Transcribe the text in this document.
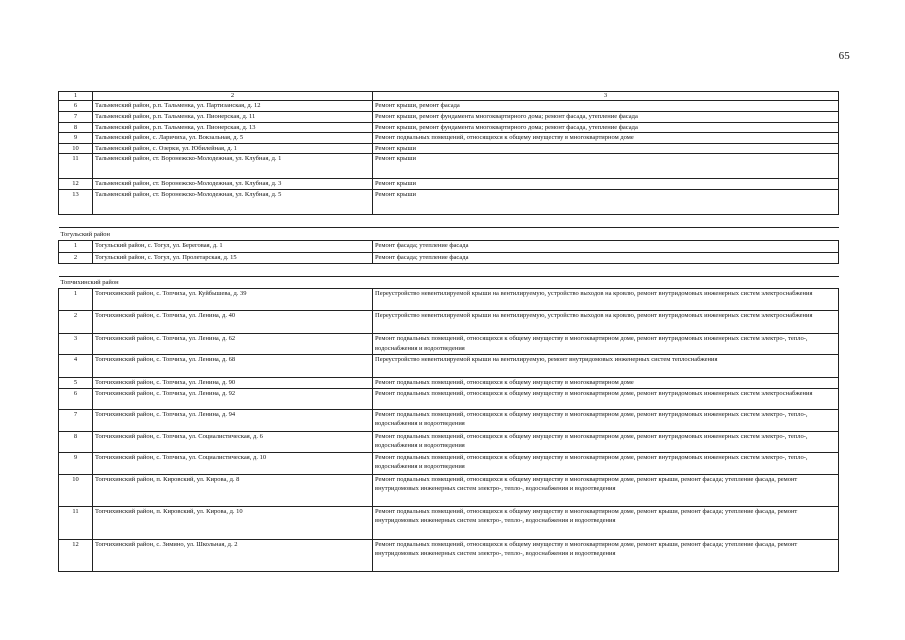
65
1	2	3
6	Тальменский район, р.п. Тальменка, ул. Партизанская, д. 12	Ремонт крыши, ремонт фасада
7	Тальменский район, р.п. Тальменка, ул. Пионерская, д. 11	Ремонт крыши, ремонт фундамента многоквартирного дома; ремонт фасада, утепление фасада
8	Тальменский район, р.п. Тальменка, ул. Пионерская, д. 13	Ремонт крыши, ремонт фундамента многоквартирного дома; ремонт фасада, утепление фасада
9	Тальменский район, с. Ларичиха, ул. Вокзальная, д. 5	Ремонт подвальных помещений, относящихся к общему имуществу в многоквартирном доме
10	Тальменский район, с. Озерки, ул. Юбилейная, д. 1	Ремонт крыши
11	Тальменский район, ст. Воронежско-Молодежная, ул. Клубная, д. 1	Ремонт крыши
12	Тальменский район, ст. Воронежско-Молодежная, ул. Клубная, д. 3	Ремонт крыши
13	Тальменский район, ст. Воронежско-Молодежная, ул. Клубная, д. 5	Ремонт крыши

Тогульский район		
1	Тогульский район, с. Тогул, ул. Береговая, д. 1	Ремонт фасада; утепление фасада
2	Тогульский район, с. Тогул, ул. Пролетарская, д. 15	Ремонт фасада; утепление фасада

Топчихинский район		
1	Топчихинский район, с. Топчиха, ул. Куйбышева, д. 39	Переустройство невентилируемой крыши на вентилируемую, устройство выходов на кровлю, ремонт внутридомовых инженерных систем электроснабжения
2	Топчихинский район, с. Топчиха, ул. Ленина, д. 40	Переустройство невентилируемой крыши на вентилируемую, устройство выходов на кровлю, ремонт внутридомовых инженерных систем электроснабжения
3	Топчихинский район, с. Топчиха, ул. Ленина, д. 62	Ремонт подвальных помещений, относящихся к общему имуществу в многоквартирном доме, ремонт внутридомовых инженерных систем электро-, тепло-, водоснабжения и водоотведения
4	Топчихинский район, с. Топчиха, ул. Ленина, д. 68	Переустройство невентилируемой крыши на вентилируемую, ремонт внутридомовых инженерных систем теплоснабжения
5	Топчихинский район, с. Топчиха, ул. Ленина, д. 90	Ремонт подвальных помещений, относящихся к общему имуществу в многоквартирном доме
6	Топчихинский район, с. Топчиха, ул. Ленина, д. 92	Ремонт подвальных помещений, относящихся к общему имуществу в многоквартирном доме, ремонт внутридомовых инженерных систем электроснабжения
7	Топчихинский район, с. Топчиха, ул. Ленина, д. 94	Ремонт подвальных помещений, относящихся к общему имуществу в многоквартирном доме, ремонт внутридомовых инженерных систем электро-, тепло-, водоснабжения и водоотведения
8	Топчихинский район, с. Топчиха, ул. Социалистическая, д. 6	Ремонт подвальных помещений, относящихся к общему имуществу в многоквартирном доме, ремонт внутридомовых инженерных систем электро-, тепло-, водоснабжения и водоотведения
9	Топчихинский район, с. Топчиха, ул. Социалистическая, д. 10	Ремонт подвальных помещений, относящихся к общему имуществу в многоквартирном доме, ремонт внутридомовых инженерных систем электро-, тепло-, водоснабжения и водоотведения
10	Топчихинский район, п. Кировский, ул. Кирова, д. 8	Ремонт подвальных помещений, относящихся к общему имуществу в многоквартирном доме, ремонт крыши, ремонт фасада; утепление фасада, ремонт внутридомовых инженерных систем электро-, тепло-, водоснабжения и водоотведения
11	Топчихинский район, п. Кировский, ул. Кирова, д. 10	Ремонт подвальных помещений, относящихся к общему имуществу в многоквартирном доме, ремонт крыши, ремонт фасада; утепление фасада, ремонт внутридомовых инженерных систем электро-, тепло-, водоснабжения и водоотведения
12	Топчихинский район, с. Зимино, ул. Школьная, д. 2	Ремонт подвальных помещений, относящихся к общему имуществу в многоквартирном доме, ремонт крыши, ремонт фасада; утепление фасада, ремонт внутридомовых инженерных систем электро-, тепло-, водоснабжения и водоотведения
